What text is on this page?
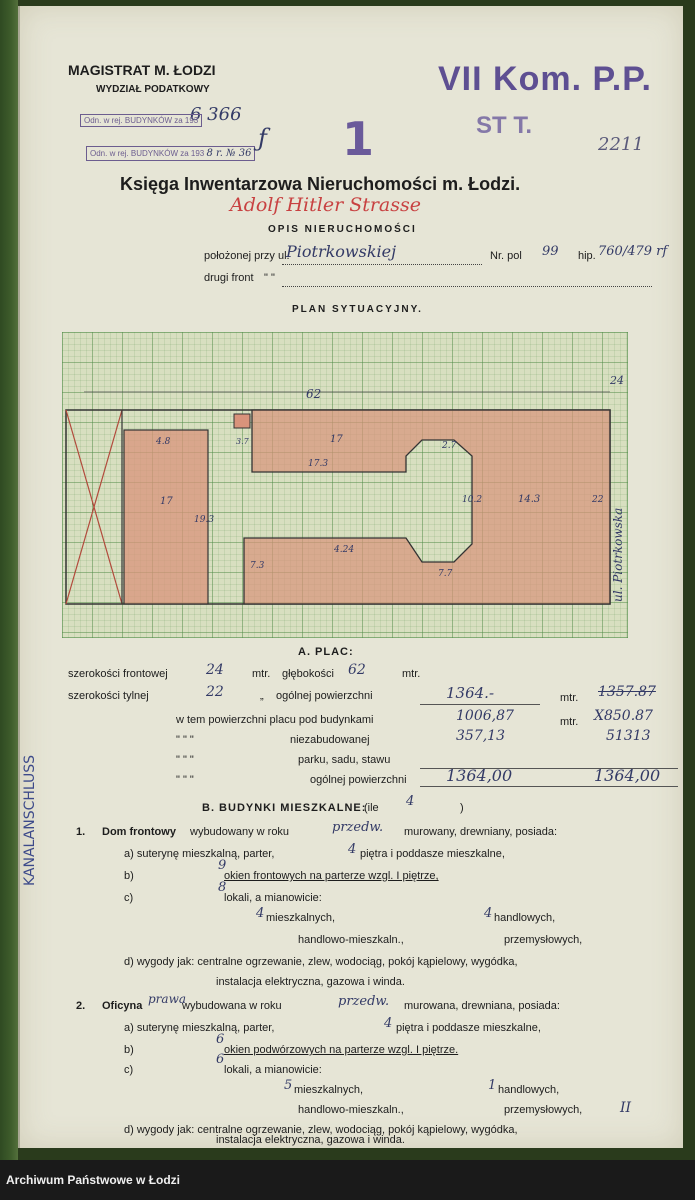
MAGISTRAT M. ŁODZI
WYDZIAŁ PODATKOWY
6 366
Odn. w rej. BUDYNKÓW za 193
Odn. w rej. BUDYNKÓW za 193 8 r. № 36
ƒ 1
VII Kom. P.P.
ST T.
2211
Księga Inwentarzowa Nieruchomości m. Łodzi.
Adolf Hitler Strasse
OPIS NIERUCHOMOŚCI
położonej przy ul.
Piotrkowskiej	Nr. pol 99 hip. 760/479 rf
drugi front " "
PLAN SYTUACYJNY.
62
24
ul. Piotrkowska
4.8
17
19.3
17
17.3
2.7
10.2
4.24
7.3
7.7
3.7
14.3	22
A. PLAC:
szerokości frontowej	24	mtr. głębokości 62	mtr.
szerokości tylnej	22	„ ogólnej powierzchni	1364.-	mtr. 1357.87
w tem powierzchni placu pod budynkami	1006,87	mtr. X850.87
" " "	niezabudowanej	357,13	51313
" " "	parku, sadu, stawu
" " "	ogólnej powierzchni 1364,00	1364,00
B. BUDYNKI MIESZKALNE:
(ile 4	)
KANALANSCHLUSS	1. Dom frontowy wybudowany w roku	przedw. murowany, drewniany, posiada:
a) suterynę mieszkalną, parter,	4 piętra i poddasze mieszkalne,
b)
9
okien frontowych na parterze wzgl. I piętrze,
c)
8
lokali, a mianowicie:
4 mieszkalnych,	4 handlowych,
handlowo-mieszkaln.,	przemysłowych,
d) wygody jak: centralne ogrzewanie, zlew, wodociąg, pokój kąpielowy, wygódka,
instalacja elektryczna, gazowa i winda.
2. Oficyna prawa
wybudowana w roku	przedw. murowana, drewniana, posiada:
a) suterynę mieszkalną, parter,	4 piętra i poddasze mieszkalne,
b)
6
okien podwórzowych na parterze wzgl. I piętrze.
c)
6
lokali, a mianowicie:
5 mieszkalnych,	1 handlowych,
handlowo-mieszkaln.,	przemysłowych,
d) wygody jak: centralne ogrzewanie, zlew, wodociąg, pokój kąpielowy, wygódka,
II
instalacja elektryczna, gazowa i winda.
Archiwum Państwowe w Łodzi
